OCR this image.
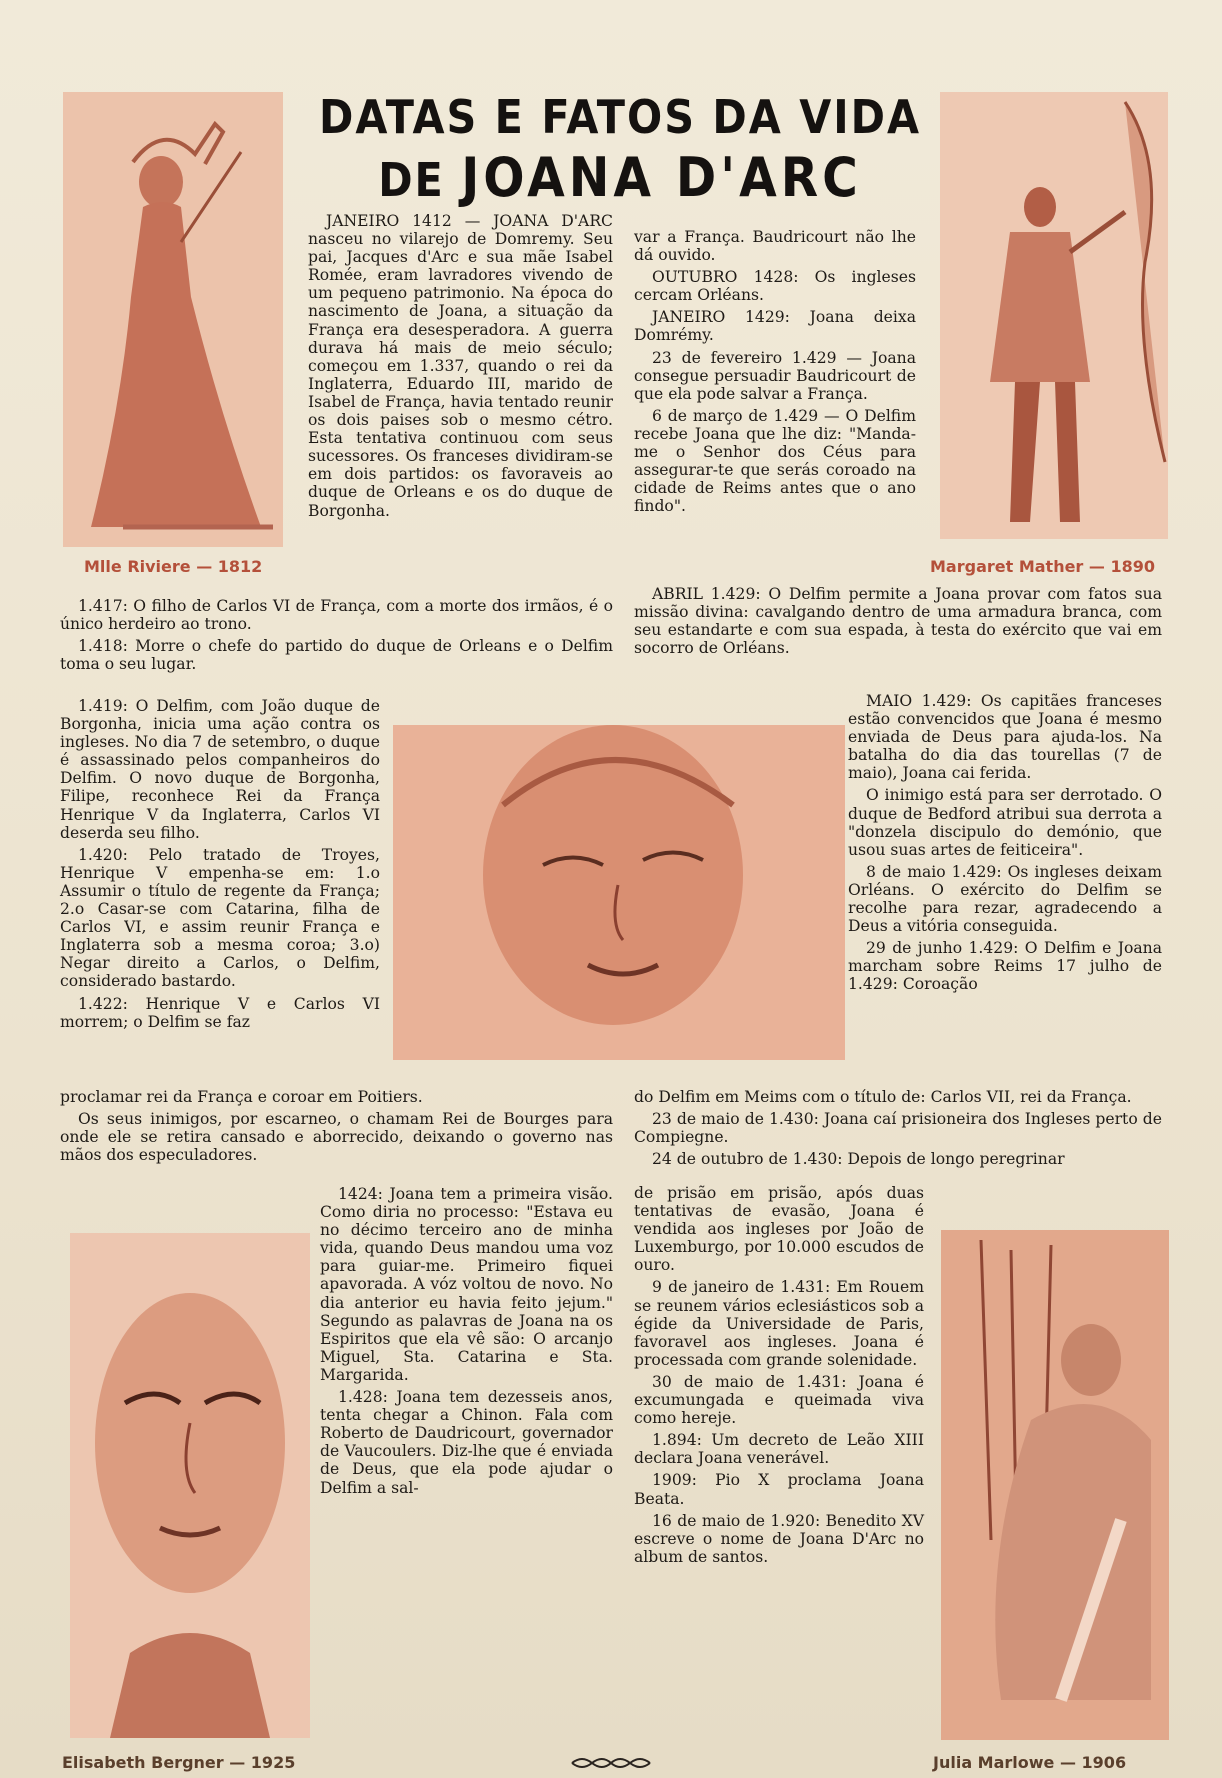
DATAS E FATOS DA VIDA
DE JOANA D'ARC

Mlle Riviere — 1812	Margaret Mather — 1890

Elisabeth Bergner — 1925	Julia Marlowe — 1906

JANEIRO 1412 — JOANA D'ARC nasceu no vilarejo de Domremy. Seu pai, Jacques d'Arc e sua mãe Isabel Romée, eram lavradores vivendo de um pequeno patrimonio. Na época do nascimento de Joana, a situação da França era desesperadora. A guerra durava há mais de meio século; começou em 1.337, quando o rei da Inglaterra, Eduardo III, marido de Isabel de França, havia tentado reunir os dois paises sob o mesmo cétro. Esta tentativa continuou com seus sucessores. Os franceses dividiram-se em dois partidos: os favoraveis ao duque de Orleans e os do duque de Borgonha.

1.417: O filho de Carlos VI de França, com a morte dos irmãos, é o único herdeiro ao trono.

1.418: Morre o chefe do partido do duque de Orleans e o Delfim toma o seu lugar.

1.419: O Delfim, com João duque de Borgonha, inicia uma ação contra os ingleses. No dia 7 de setembro, o duque é assassinado pelos companheiros do Delfim. O novo duque de Borgonha, Filipe, reconhece Rei da França Henrique V da Inglaterra, Carlos VI deserda seu filho.

1.420: Pelo tratado de Troyes, Henrique V empenha-se em: 1.o Assumir o título de regente da França; 2.o Casar-se com Catarina, filha de Carlos VI, e assim reunir França e Inglaterra sob a mesma coroa; 3.o) Negar direito a Carlos, o Delfim, considerado bastardo.

1.422: Henrique V e Carlos VI morrem; o Delfim se faz

proclamar rei da França e coroar em Poitiers.

Os seus inimigos, por escarneo, o chamam Rei de Bourges para onde ele se retira cansado e aborrecido, deixando o governo nas mãos dos especuladores.

1424: Joana tem a primeira visão. Como diria no processo: "Estava eu no décimo terceiro ano de minha vida, quando Deus mandou uma voz para guiar-me. Primeiro fiquei apavorada. A vóz voltou de novo. No dia anterior eu havia feito jejum." Segundo as palavras de Joana na os Espiritos que ela vê são: O arcanjo Miguel, Sta. Catarina e Sta. Margarida.

1.428: Joana tem dezesseis anos, tenta chegar a Chinon. Fala com Roberto de Daudricourt, governador de Vaucoulers. Diz-lhe que é enviada de Deus, que ela pode ajudar o Delfim a sal-

var a França. Baudricourt não lhe dá ouvido.

OUTUBRO 1428: Os ingleses cercam Orléans.

JANEIRO 1429: Joana deixa Domrémy.

23 de fevereiro 1.429 — Joana consegue persuadir Baudricourt de que ela pode salvar a França.

6 de março de 1.429 — O Delfim recebe Joana que lhe diz: "Manda-me o Senhor dos Céus para assegurar-te que serás coroado na cidade de Reims antes que o ano findo".

ABRIL 1.429: O Delfim permite a Joana provar com fatos sua missão divina: cavalgando dentro de uma armadura branca, com seu estandarte e com sua espada, à testa do exército que vai em socorro de Orléans.

MAIO 1.429: Os capitães franceses estão convencidos que Joana é mesmo enviada de Deus para ajuda-los. Na batalha do dia das tourellas (7 de maio), Joana cai ferida.

O inimigo está para ser derrotado. O duque de Bedford atribui sua derrota a "donzela discipulo do demónio, que usou suas artes de feiticeira".

8 de maio 1.429: Os ingleses deixam Orléans. O exército do Delfim se recolhe para rezar, agradecendo a Deus a vitória conseguida.

29 de junho 1.429: O Delfim e Joana marcham sobre Reims 17 julho de 1.429: Coroação

do Delfim em Meims com o título de: Carlos VII, rei da França.

23 de maio de 1.430: Joana caí prisioneira dos Ingleses perto de Compiegne.

24 de outubro de 1.430: Depois de longo peregrinar

de prisão em prisão, após duas tentativas de evasão, Joana é vendida aos ingleses por João de Luxemburgo, por 10.000 escudos de ouro.

9 de janeiro de 1.431: Em Rouem se reunem vários eclesiásticos sob a égide da Universidade de Paris, favoravel aos ingleses. Joana é processada com grande solenidade.

30 de maio de 1.431: Joana é excumungada e queimada viva como hereje.

1.894: Um decreto de Leão XIII declara Joana venerável.

1909: Pio X proclama Joana Beata.

16 de maio de 1.920: Benedito XV escreve o nome de Joana D'Arc no album de santos.
